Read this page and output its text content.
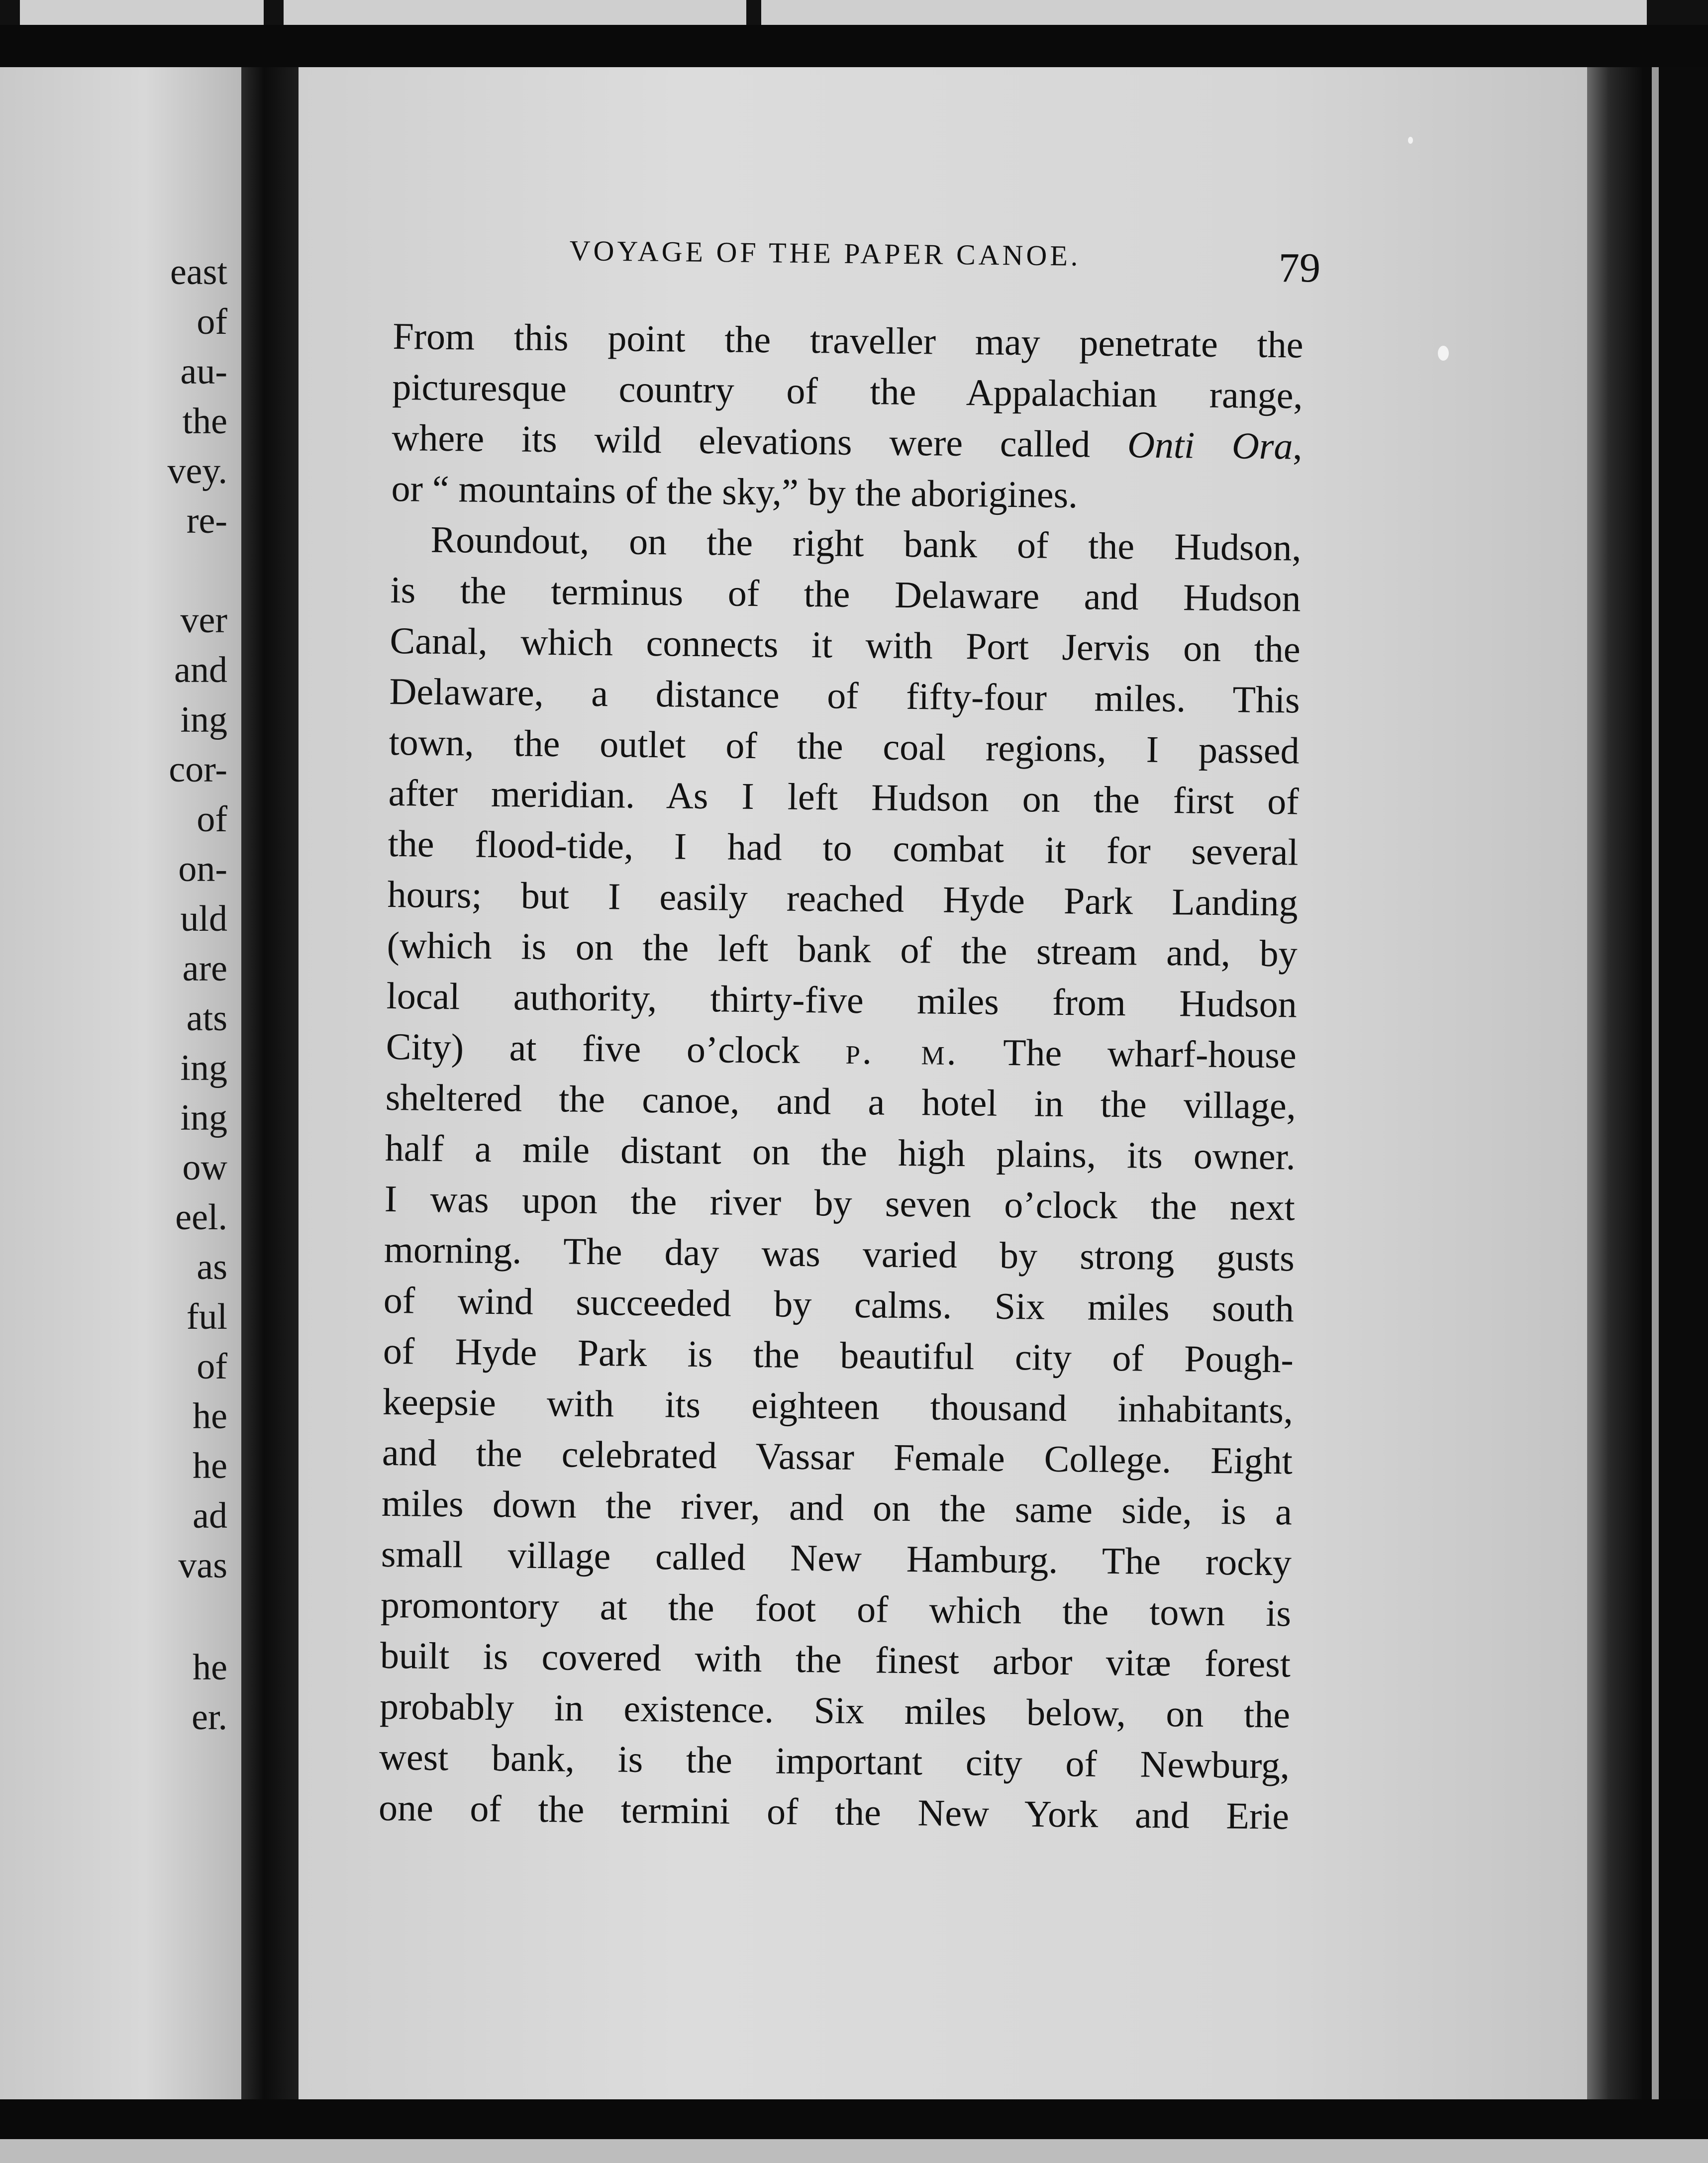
east
of
au-
the
vey.
re-
ver
and
ing
cor-
of
on-
uld
are
ats
ing
ing
ow
eel.
as
ful
of
he
he
ad
vas
he
er.
VOYAGE OF THE PAPER CANOE.	79
From this point the traveller may penetrate the
picturesque country of the Appalachian range,
where its wild elevations were called Onti Ora,
or “ mountains of the sky,” by the aborigines.
Roundout, on the right bank of the Hudson,
is the terminus of the Delaware and Hudson
Canal, which connects it with Port Jervis on the
Delaware, a distance of fifty-four miles. This
town, the outlet of the coal regions, I passed
after meridian. As I left Hudson on the first of
the flood-tide, I had to combat it for several
hours; but I easily reached Hyde Park Landing
(which is on the left bank of the stream and, by
local authority, thirty-five miles from Hudson
City) at five o’clock p. m. The wharf-house
sheltered the canoe, and a hotel in the village,
half a mile distant on the high plains, its owner.
I was upon the river by seven o’clock the next
morning. The day was varied by strong gusts
of wind succeeded by calms. Six miles south
of Hyde Park is the beautiful city of Pough-
keepsie with its eighteen thousand inhabitants,
and the celebrated Vassar Female College. Eight
miles down the river, and on the same side, is a
small village called New Hamburg. The rocky
promontory at the foot of which the town is
built is covered with the finest arbor vitæ forest
probably in existence. Six miles below, on the
west bank, is the important city of Newburg,
one of the termini of the New York and Erie
